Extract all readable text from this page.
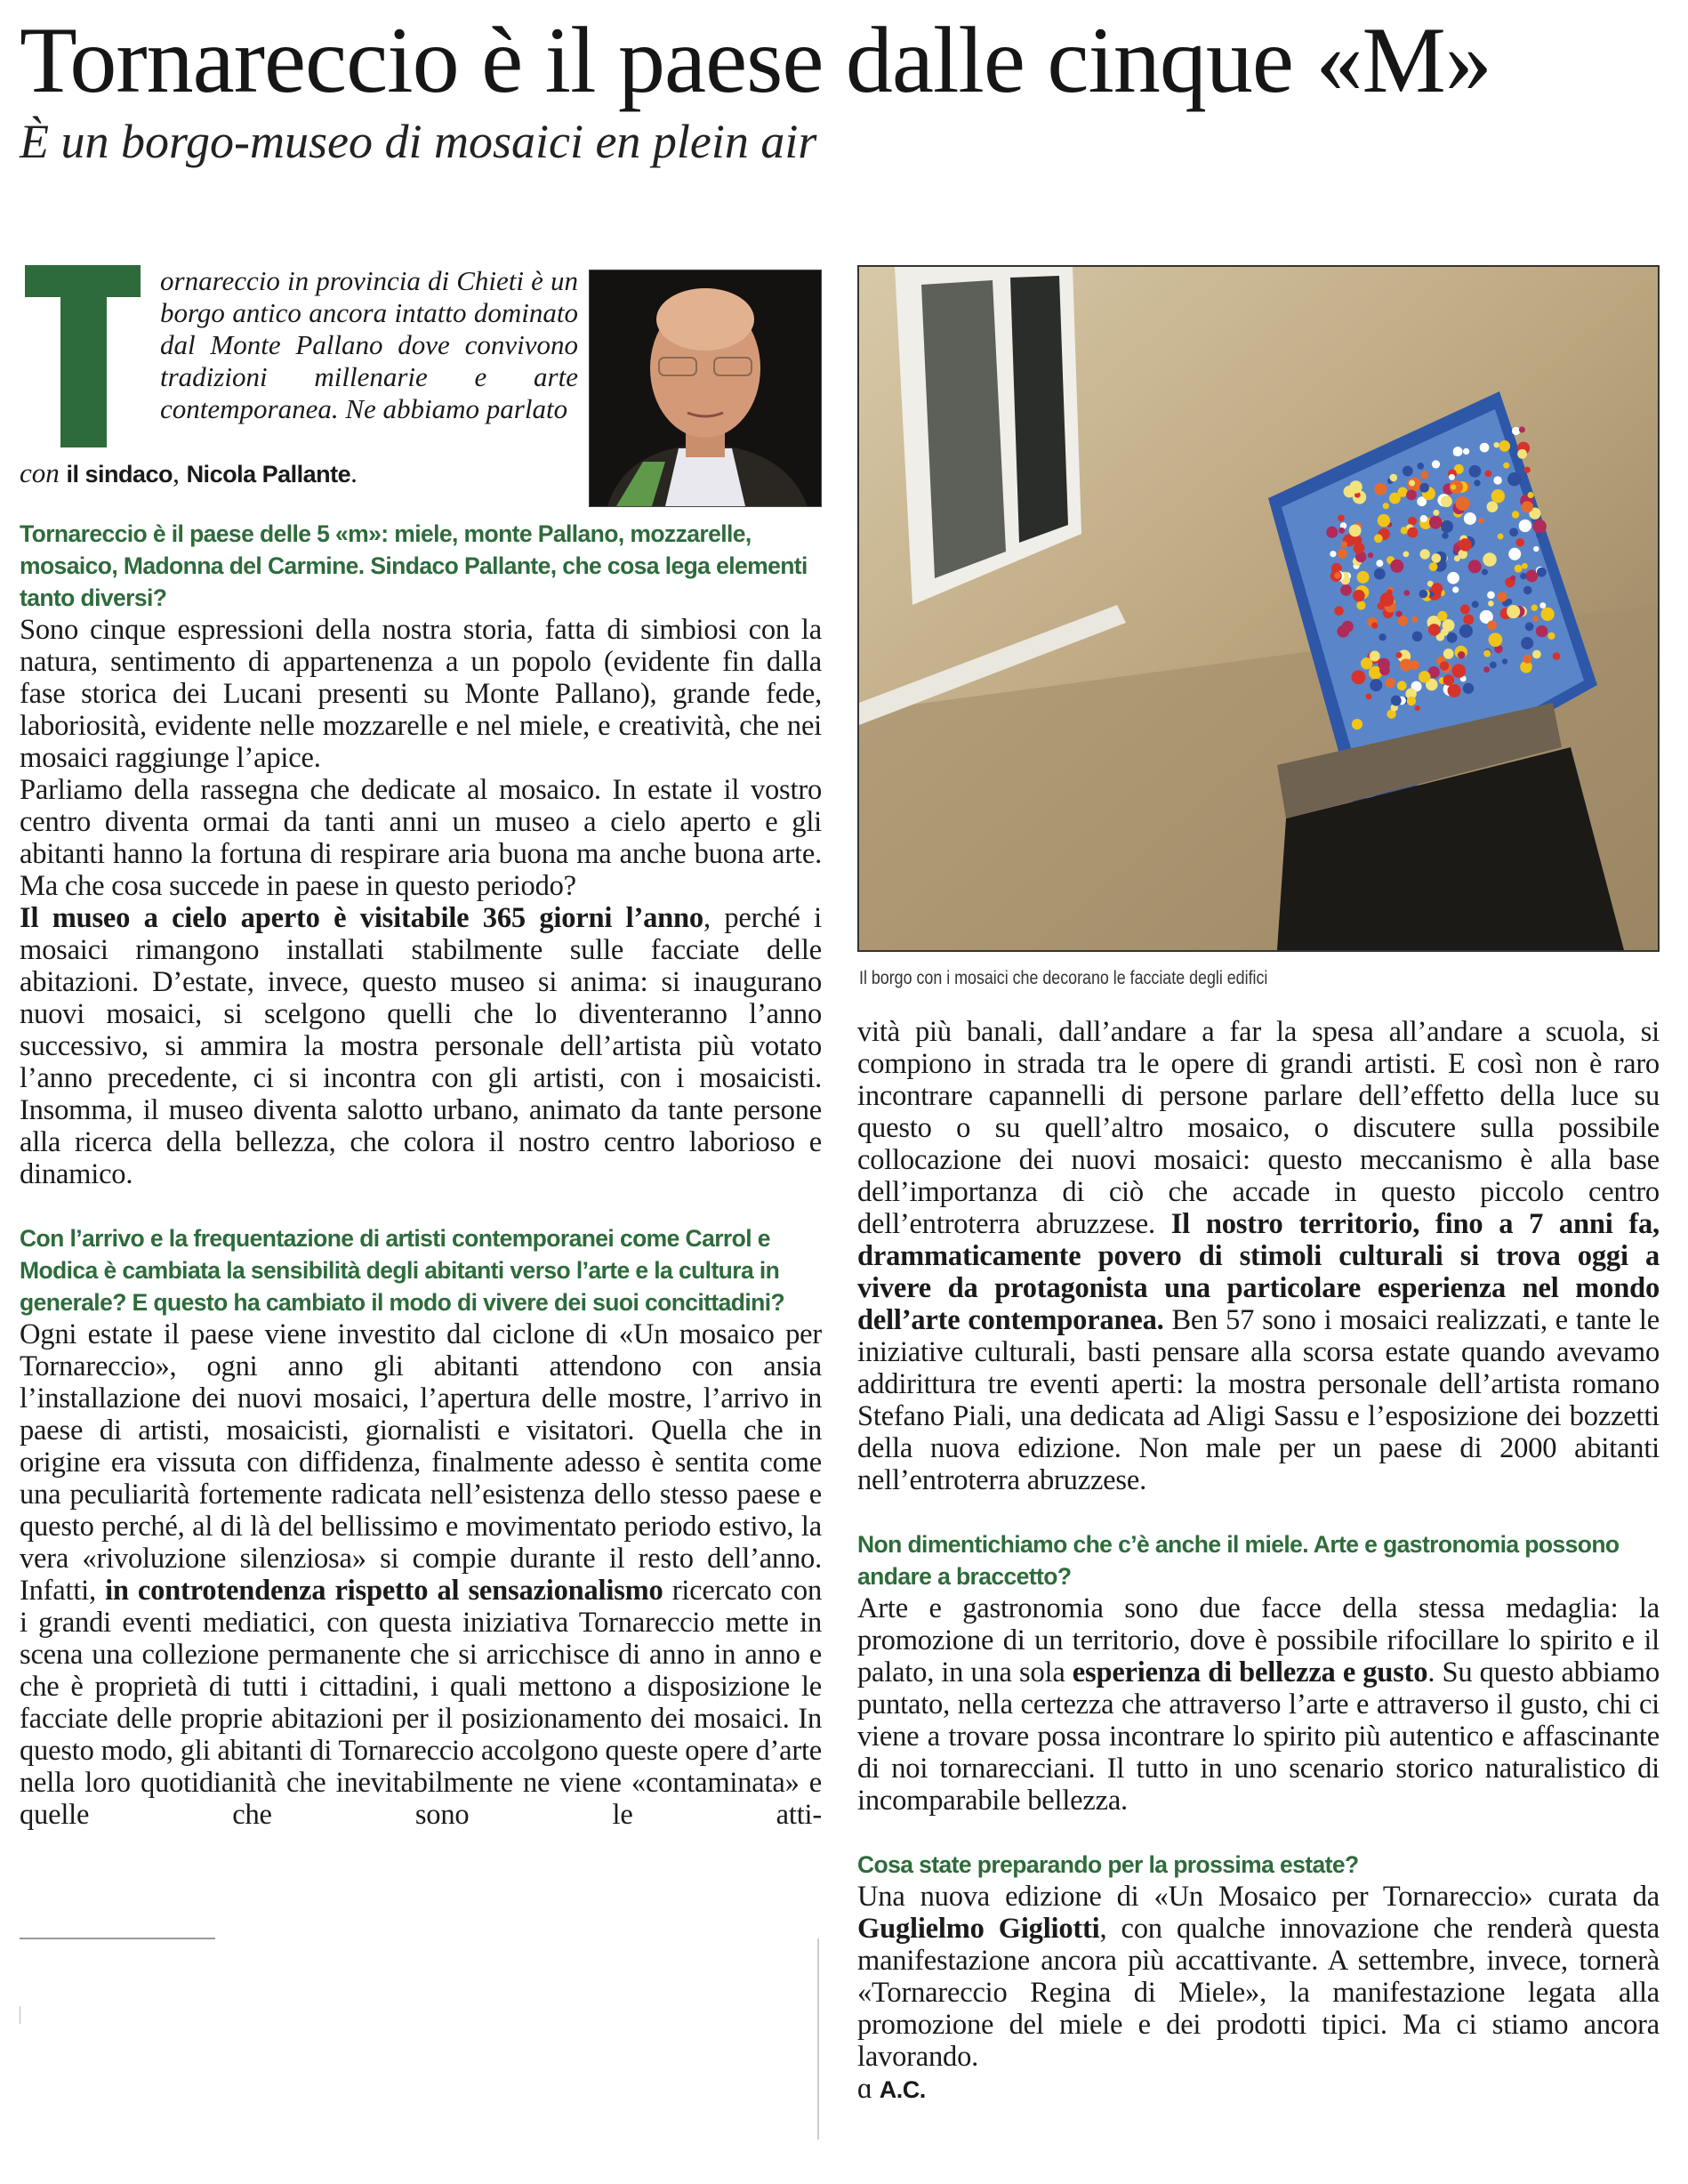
Tornareccio è il paese dalle cinque «M»
È un borgo-museo di mosaici en plein air

ornareccio in provincia di Chieti è un borgo antico ancora intatto dominato dal Monte Pallano dove convivono tradizioni millenarie e arte contemporanea. Ne abbiamo parlato

con il sindaco, Nicola Pallante.

Tornareccio è il paese delle 5 «m»: miele, monte Pallano, mozzarelle, mosaico, Madonna del Carmine. Sindaco Pallante, che cosa lega elementi tanto diversi?

Sono cinque espressioni della nostra storia, fatta di simbiosi con la natura, sentimento di appartenenza a un popolo (evidente fin dalla fase storica dei Lucani presenti su Monte Pallano), grande fede, laboriosità, evidente nelle mozzarelle e nel miele, e creatività, che nei mosaici raggiunge l’apice.

Parliamo della rassegna che dedicate al mosaico. In estate il vostro centro diventa ormai da tanti anni un museo a cielo aperto e gli abitanti hanno la fortuna di respirare aria buona ma anche buona arte. Ma che cosa succede in paese in questo periodo?

Il museo a cielo aperto è visitabile 365 giorni l’anno, perché i mosaici rimangono installati stabilmente sulle facciate delle abitazioni. D’estate, invece, questo museo si anima: si inaugurano nuovi mosaici, si scelgono quelli che lo diventeranno l’anno successivo, si ammira la mostra personale dell’artista più votato l’anno precedente, ci si incontra con gli artisti, con i mosaicisti. Insomma, il museo diventa salotto urbano, animato da tante persone alla ricerca della bellezza, che colora il nostro centro laborioso e dinamico.

Con l’arrivo e la frequentazione di artisti contemporanei come Carrol e Modica è cambiata la sensibilità degli abitanti verso l’arte e la cultura in generale? E questo ha cambiato il modo di vivere dei suoi concittadini?

Ogni estate il paese viene investito dal ciclone di «Un mosaico per Tornareccio», ogni anno gli abitanti attendono con ansia l’installazione dei nuovi mosaici, l’apertura delle mostre, l’arrivo in paese di artisti, mosaicisti, giornalisti e visitatori. Quella che in origine era vissuta con diffidenza, finalmente adesso è sentita come una peculiarità fortemente radicata nell’esistenza dello stesso paese e questo perché, al di là del bellissimo e movimentato periodo estivo, la vera «rivoluzione silenziosa» si compie durante il resto dell’anno. Infatti, in controtendenza rispetto al sensazionalismo ricercato con i grandi eventi mediatici, con questa iniziativa Tornareccio mette in scena una collezione permanente che si arricchisce di anno in anno e che è proprietà di tutti i cittadini, i quali mettono a disposizione le facciate delle proprie abitazioni per il posizionamento dei mosaici. In questo modo, gli abitanti di Tornareccio accolgono queste opere d’arte nella loro quotidianità che inevitabilmente ne viene «contaminata» e quelle che sono le atti-

Il borgo con i mosaici che decorano le facciate degli edifici

vità più banali, dall’andare a far la spesa all’andare a scuola, si compiono in strada tra le opere di grandi artisti. E così non è raro incontrare capannelli di persone parlare dell’effetto della luce su questo o su quell’altro mosaico, o discutere sulla possibile collocazione dei nuovi mosaici: questo meccanismo è alla base dell’importanza di ciò che accade in questo piccolo centro dell’entroterra abruzzese. Il nostro territorio, fino a 7 anni fa, drammaticamente povero di stimoli culturali si trova oggi a vivere da protagonista una particolare esperienza nel mondo dell’arte contemporanea. Ben 57 sono i mosaici realizzati, e tante le iniziative culturali, basti pensare alla scorsa estate quando avevamo addirittura tre eventi aperti: la mostra personale dell’artista romano Stefano Piali, una dedicata ad Aligi Sassu e l’esposizione dei bozzetti della nuova edizione. Non male per un paese di 2000 abitanti nell’entroterra abruzzese.

Non dimentichiamo che c’è anche il miele. Arte e gastronomia possono andare a braccetto?

Arte e gastronomia sono due facce della stessa medaglia: la promozione di un territorio, dove è possibile rifocillare lo spirito e il palato, in una sola esperienza di bellezza e gusto. Su questo abbiamo puntato, nella certezza che attraverso l’arte e attraverso il gusto, chi ci viene a trovare possa incontrare lo spirito più autentico e affascinante di noi tornarecciani. Il tutto in uno scenario storico naturalistico di incomparabile bellezza.

Cosa state preparando per la prossima estate?

Una nuova edizione di «Un Mosaico per Tornareccio» curata da Guglielmo Gigliotti, con qualche innovazione che renderà questa manifestazione ancora più accattivante. A settembre, invece, tornerà «Tornareccio Regina di Miele», la manifestazione legata alla promozione del miele e dei prodotti tipici. Ma ci stiamo ancora lavorando.

ɑ A.C.
